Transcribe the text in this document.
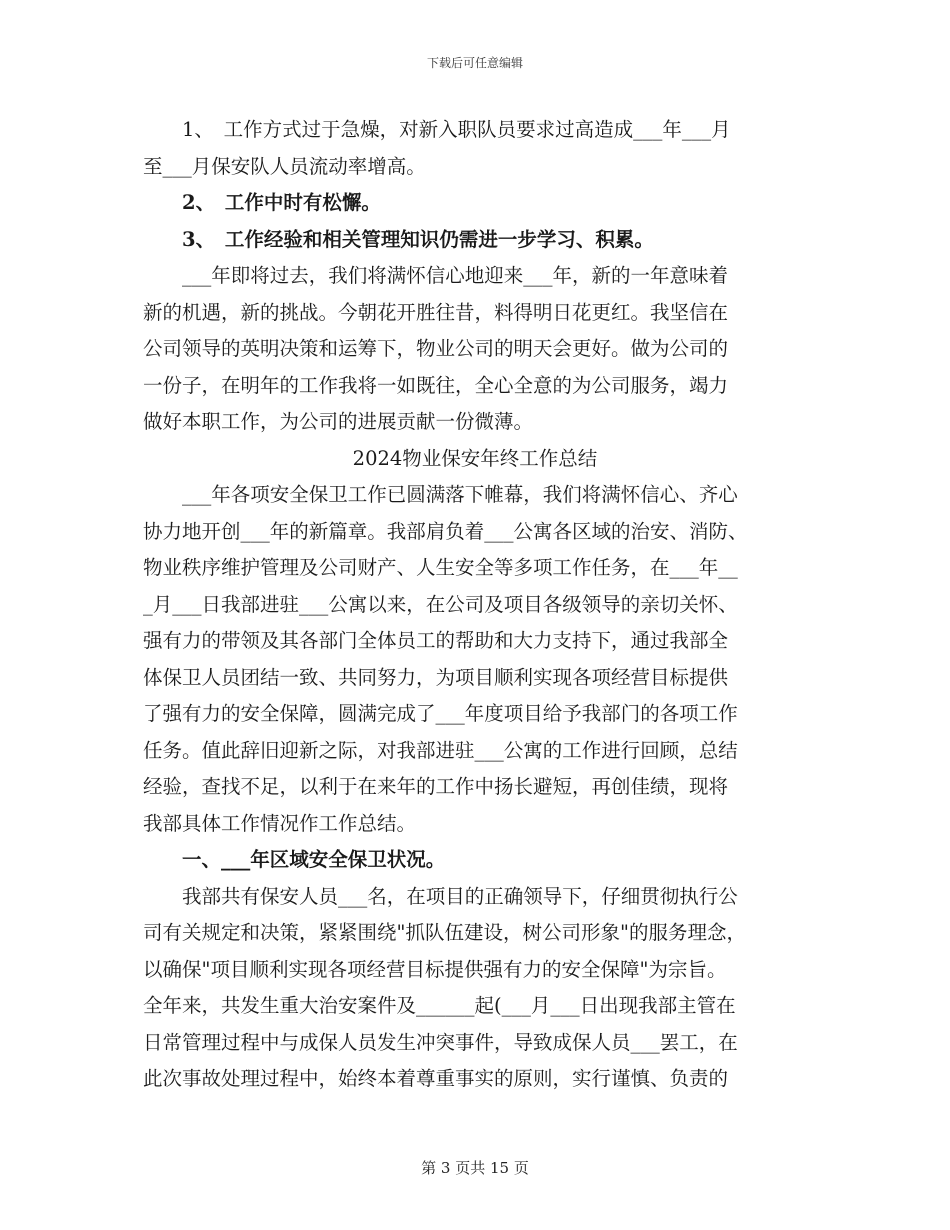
下载后可任意编辑
1、　工作方式过于急燥，对新入职队员要求过高造成___年___月
至___月保安队人员流动率增高。
2、　工作中时有松懈。
3、　工作经验和相关管理知识仍需进一步学习、积累。
___年即将过去，我们将满怀信心地迎来___年，新的一年意味着
新的机遇，新的挑战。今朝花开胜往昔，料得明日花更红。我坚信在
公司领导的英明决策和运筹下，物业公司的明天会更好。做为公司的
一份子，在明年的工作我将一如既往，全心全意的为公司服务，竭力
做好本职工作，为公司的进展贡献一份微薄。
2024物业保安年终工作总结
___年各项安全保卫工作已圆满落下帷幕，我们将满怀信心、齐心
协力地开创___年的新篇章。我部肩负着___公寓各区域的治安、消防、
物业秩序维护管理及公司财产、人生安全等多项工作任务，在___年__
_月___日我部进驻___公寓以来，在公司及项目各级领导的亲切关怀、
强有力的带领及其各部门全体员工的帮助和大力支持下，通过我部全
体保卫人员团结一致、共同努力，为项目顺利实现各项经营目标提供
了强有力的安全保障，圆满完成了___年度项目给予我部门的各项工作
任务。值此辞旧迎新之际，对我部进驻___公寓的工作进行回顾，总结
经验，查找不足，以利于在来年的工作中扬长避短，再创佳绩，现将
我部具体工作情况作工作总结。
一、___年区域安全保卫状况。
我部共有保安人员___名，在项目的正确领导下，仔细贯彻执行公
司有关规定和决策，紧紧围绕"抓队伍建设，树公司形象"的服务理念，
以确保"项目顺利实现各项经营目标提供强有力的安全保障"为宗旨。
全年来，共发生重大治安案件及______起(___月___日出现我部主管在
日常管理过程中与成保人员发生冲突事件，导致成保人员___罢工，在
此次事故处理过程中，始终本着尊重事实的原则，实行谨慎、负责的
第 3 页共 15 页
